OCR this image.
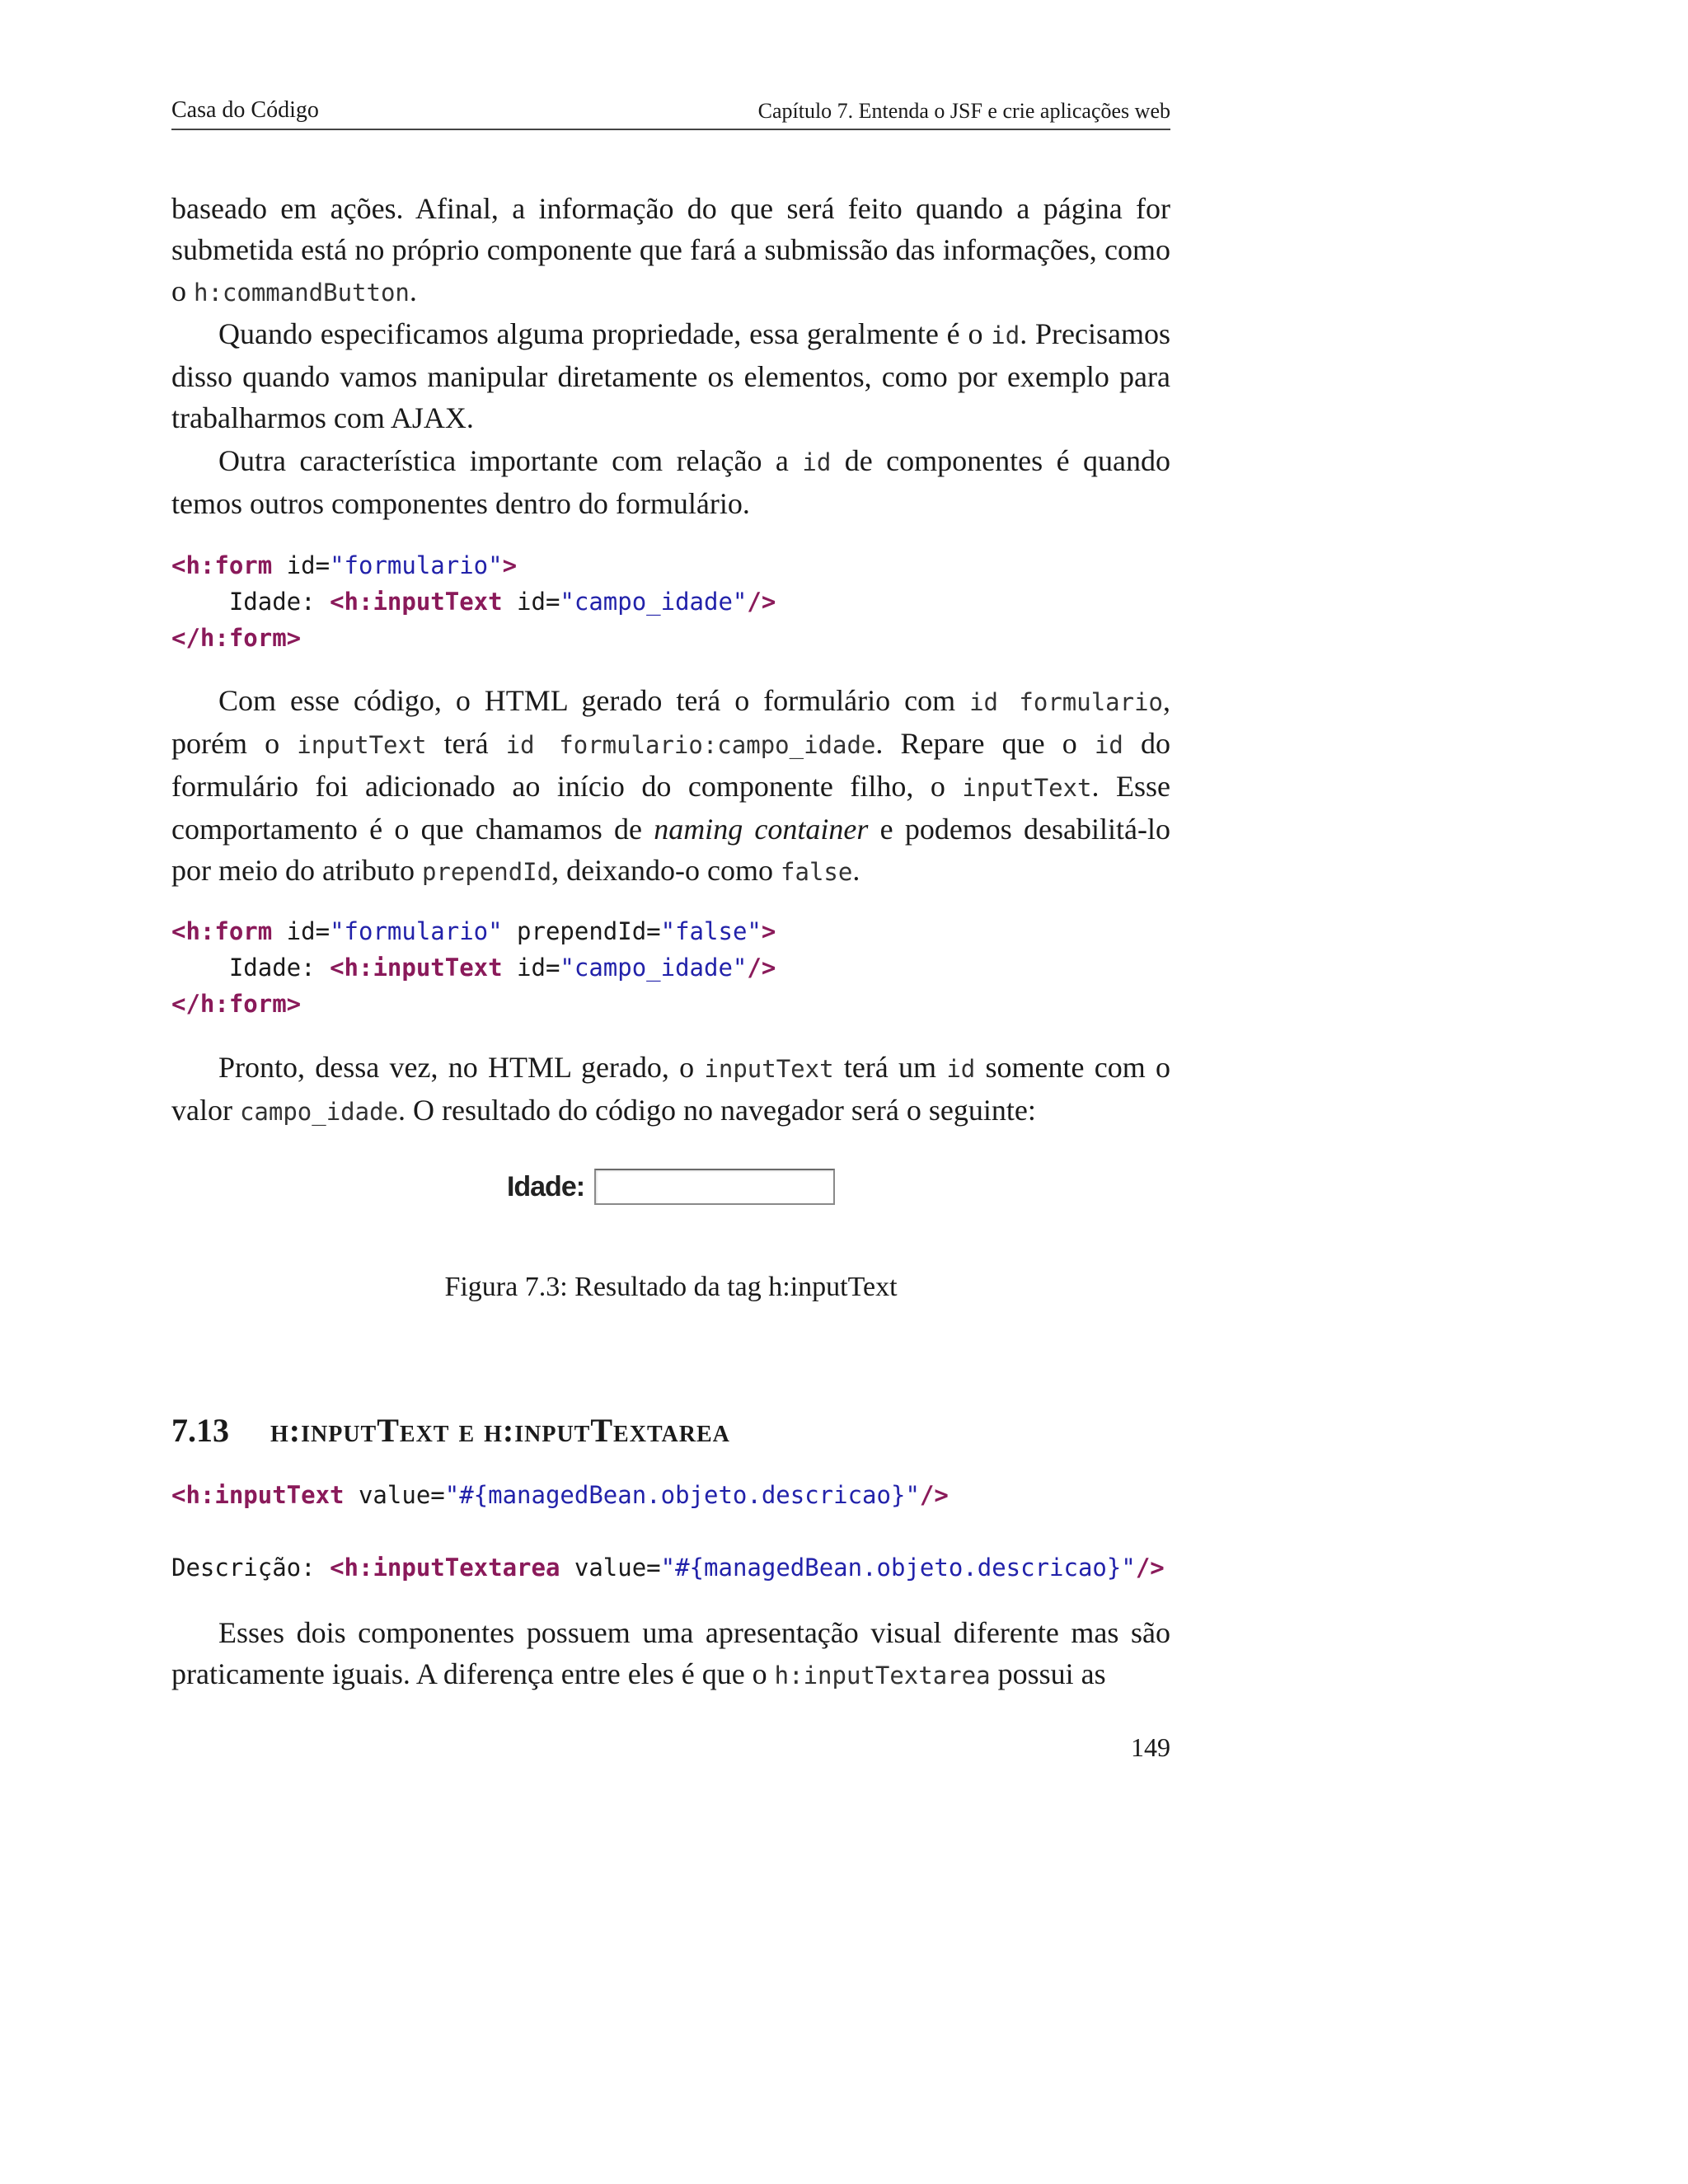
Casa do Código	Capítulo 7. Entenda o JSF e crie aplicações web

baseado em ações. Afinal, a informação do que será feito quando a página for submetida está no próprio componente que fará a submissão das informações, como o h:commandButton.

Quando especificamos alguma propriedade, essa geralmente é o id. Precisamos disso quando vamos manipular diretamente os elementos, como por exemplo para trabalharmos com AJAX.

Outra característica importante com relação a id de componentes é quando temos outros componentes dentro do formulário.

<h:form id="formulario">
Idade: <h:inputText id="campo_idade"/>
</h:form>

Com esse código, o HTML gerado terá o formulário com id formulario, porém o inputText terá id formulario:campo_idade. Repare que o id do formulário foi adicionado ao início do componente filho, o inputText. Esse comportamento é o que chamamos de naming container e podemos desabilitá-lo por meio do atributo prependId, deixando-o como false.

<h:form id="formulario" prependId="false">
Idade: <h:inputText id="campo_idade"/>
</h:form>

Pronto, dessa vez, no HTML gerado, o inputText terá um id somente com o valor campo_idade. O resultado do código no navegador será o seguinte:

Idade:
Figura 7.3: Resultado da tag h:inputText
7.13 h:inputText e h:inputTextarea
<h:inputText value="#{managedBean.objeto.descricao}"/>
Descrição: <h:inputTextarea value="#{managedBean.objeto.descricao}"/>

Esses dois componentes possuem uma apresentação visual diferente mas são praticamente iguais. A diferença entre eles é que o h:inputTextarea possui as

149
